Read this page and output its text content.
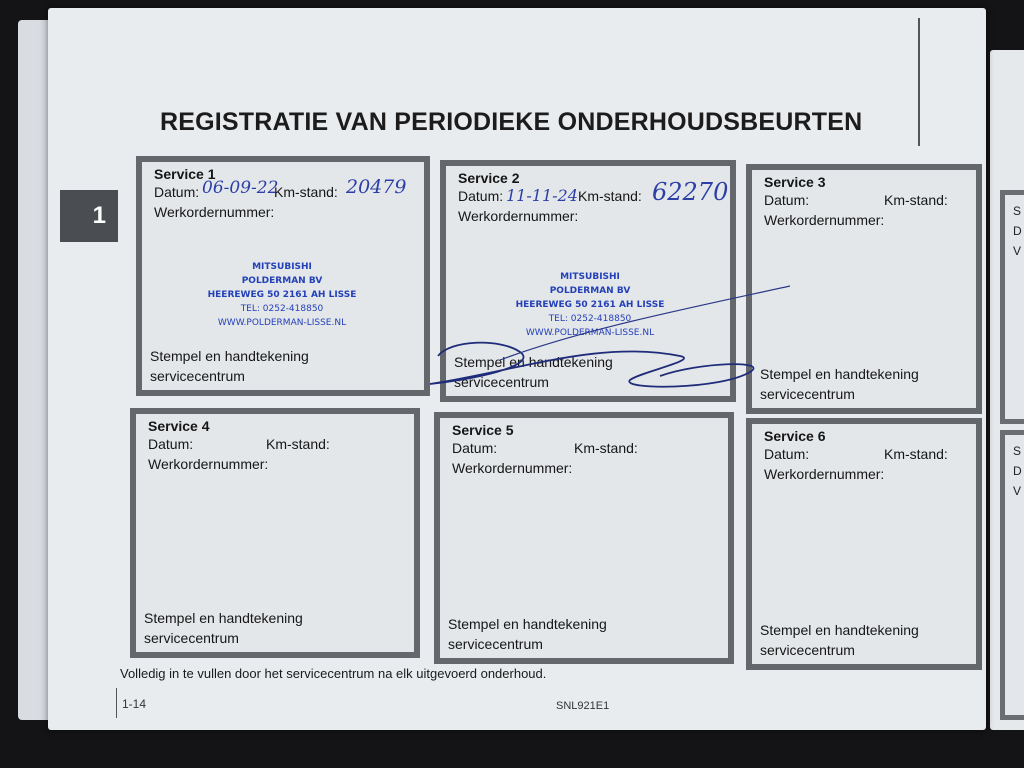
S
D
V
S
D
V
1
REGISTRATIE VAN PERIODIEKE ONDERHOUDSBEURTEN
Service 1
Datum:	Km-stand:
Werkordernummer:
06-09-22	20479
MITSUBISHI
POLDERMAN BV
HEEREWEG 50 2161 AH LISSE
TEL: 0252-418850
WWW.POLDERMAN-LISSE.NL
Stempel en handtekening
servicecentrum
Service 2
Datum:	Km-stand:
Werkordernummer:
11-11-24	62270
MITSUBISHI
POLDERMAN BV
HEEREWEG 50 2161 AH LISSE
TEL: 0252-418850
WWW.POLDERMAN-LISSE.NL
Stempel en handtekening
servicecentrum
Service 3
Datum:	Km-stand:
Werkordernummer:
Stempel en handtekening
servicecentrum
Service 4
Datum:	Km-stand:
Werkordernummer:
Stempel en handtekening
servicecentrum
Service 5
Datum:	Km-stand:
Werkordernummer:
Stempel en handtekening
servicecentrum
Service 6
Datum:	Km-stand:
Werkordernummer:
Stempel en handtekening
servicecentrum
Volledig in te vullen door het servicecentrum na elk uitgevoerd onderhoud.
1-14	SNL921E1
